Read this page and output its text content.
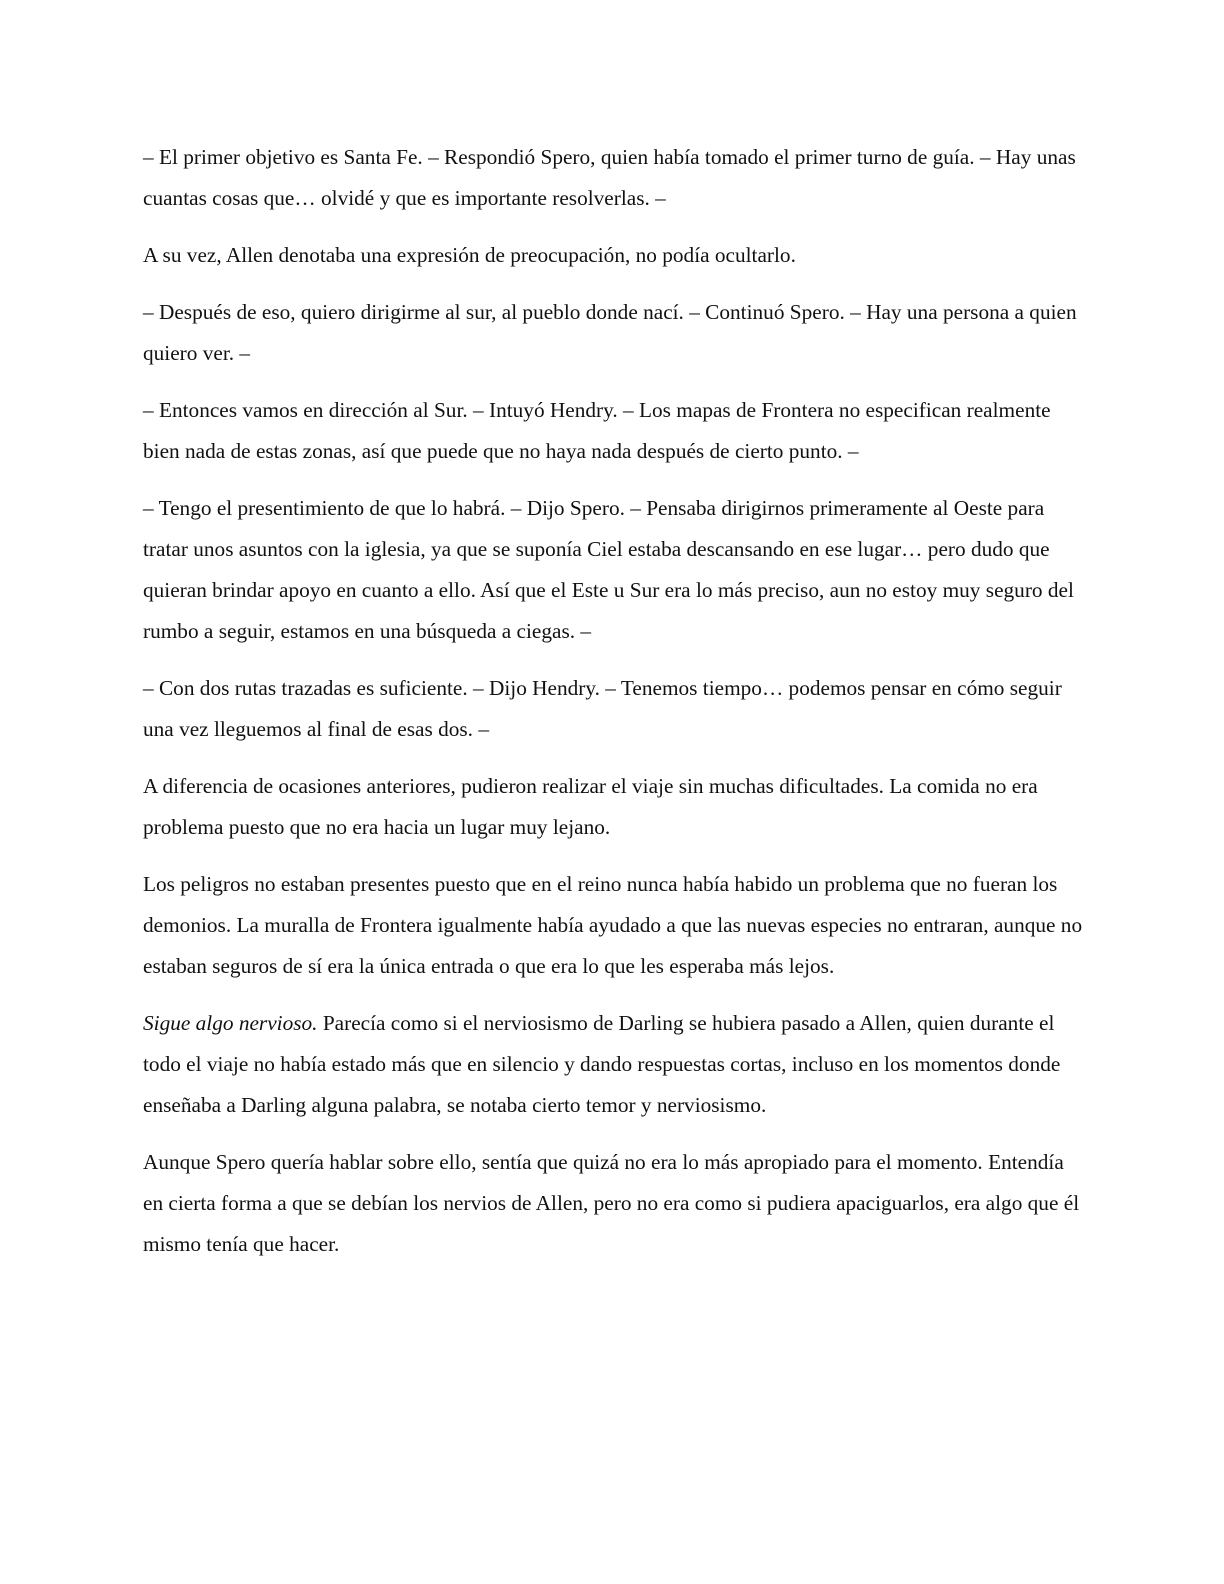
– El primer objetivo es Santa Fe. – Respondió Spero, quien había tomado el primer turno de guía. – Hay unas cuantas cosas que… olvidé y que es importante resolverlas. –

A su vez, Allen denotaba una expresión de preocupación, no podía ocultarlo.

– Después de eso, quiero dirigirme al sur, al pueblo donde nací. – Continuó Spero. – Hay una persona a quien quiero ver. –

– Entonces vamos en dirección al Sur. – Intuyó Hendry. – Los mapas de Frontera no especifican realmente bien nada de estas zonas, así que puede que no haya nada después de cierto punto. –

– Tengo el presentimiento de que lo habrá. – Dijo Spero. – Pensaba dirigirnos primeramente al Oeste para tratar unos asuntos con la iglesia, ya que se suponía Ciel estaba descansando en ese lugar… pero dudo que quieran brindar apoyo en cuanto a ello. Así que el Este u Sur era lo más preciso, aun no estoy muy seguro del rumbo a seguir, estamos en una búsqueda a ciegas. –

– Con dos rutas trazadas es suficiente. – Dijo Hendry. – Tenemos tiempo… podemos pensar en cómo seguir una vez lleguemos al final de esas dos. –

A diferencia de ocasiones anteriores, pudieron realizar el viaje sin muchas dificultades. La comida no era problema puesto que no era hacia un lugar muy lejano.

Los peligros no estaban presentes puesto que en el reino nunca había habido un problema que no fueran los demonios. La muralla de Frontera igualmente había ayudado a que las nuevas especies no entraran, aunque no estaban seguros de sí era la única entrada o que era lo que les esperaba más lejos.

Sigue algo nervioso. Parecía como si el nerviosismo de Darling se hubiera pasado a Allen, quien durante el todo el viaje no había estado más que en silencio y dando respuestas cortas, incluso en los momentos donde enseñaba a Darling alguna palabra, se notaba cierto temor y nerviosismo.

Aunque Spero quería hablar sobre ello, sentía que quizá no era lo más apropiado para el momento. Entendía en cierta forma a que se debían los nervios de Allen, pero no era como si pudiera apaciguarlos, era algo que él mismo tenía que hacer.
